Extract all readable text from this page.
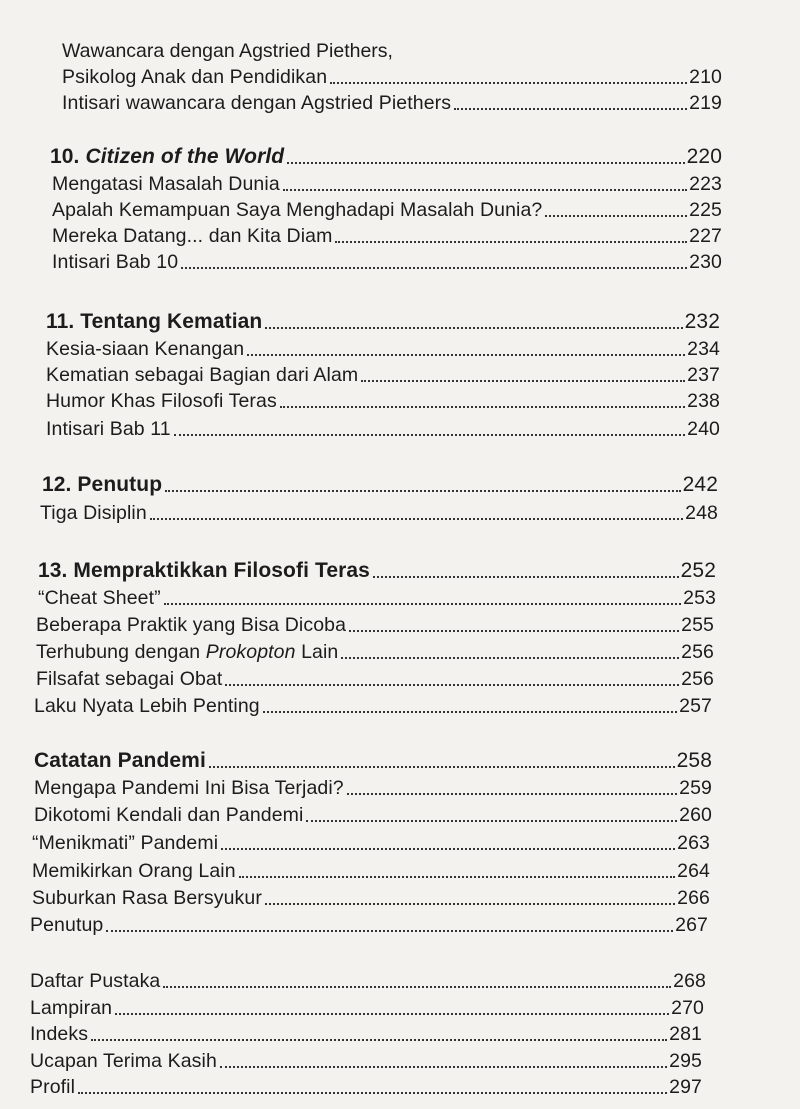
Wawancara dengan Agstried Piethers,
Psikolog Anak dan Pendidikan	210
Intisari wawancara dengan Agstried Piethers	219
10. Citizen of the World	220
Mengatasi Masalah Dunia	223
Apalah Kemampuan Saya Menghadapi Masalah Dunia?	225
Mereka Datang... dan Kita Diam	227
Intisari Bab 10	230
11. Tentang Kematian	232
Kesia-siaan Kenangan	234
Kematian sebagai Bagian dari Alam	237
Humor Khas Filosofi Teras	238
Intisari Bab 11	240
12. Penutup	242
Tiga Disiplin	248
13. Mempraktikkan Filosofi Teras	252
“Cheat Sheet”	253
Beberapa Praktik yang Bisa Dicoba	255
Terhubung dengan Prokopton Lain	256
Filsafat sebagai Obat	256
Laku Nyata Lebih Penting	257
Catatan Pandemi	258
Mengapa Pandemi Ini Bisa Terjadi?	259
Dikotomi Kendali dan Pandemi	260
“Menikmati” Pandemi	263
Memikirkan Orang Lain	264
Suburkan Rasa Bersyukur	266
Penutup	267
Daftar Pustaka	268
Lampiran	270
Indeks	281
Ucapan Terima Kasih	295
Profil	297
